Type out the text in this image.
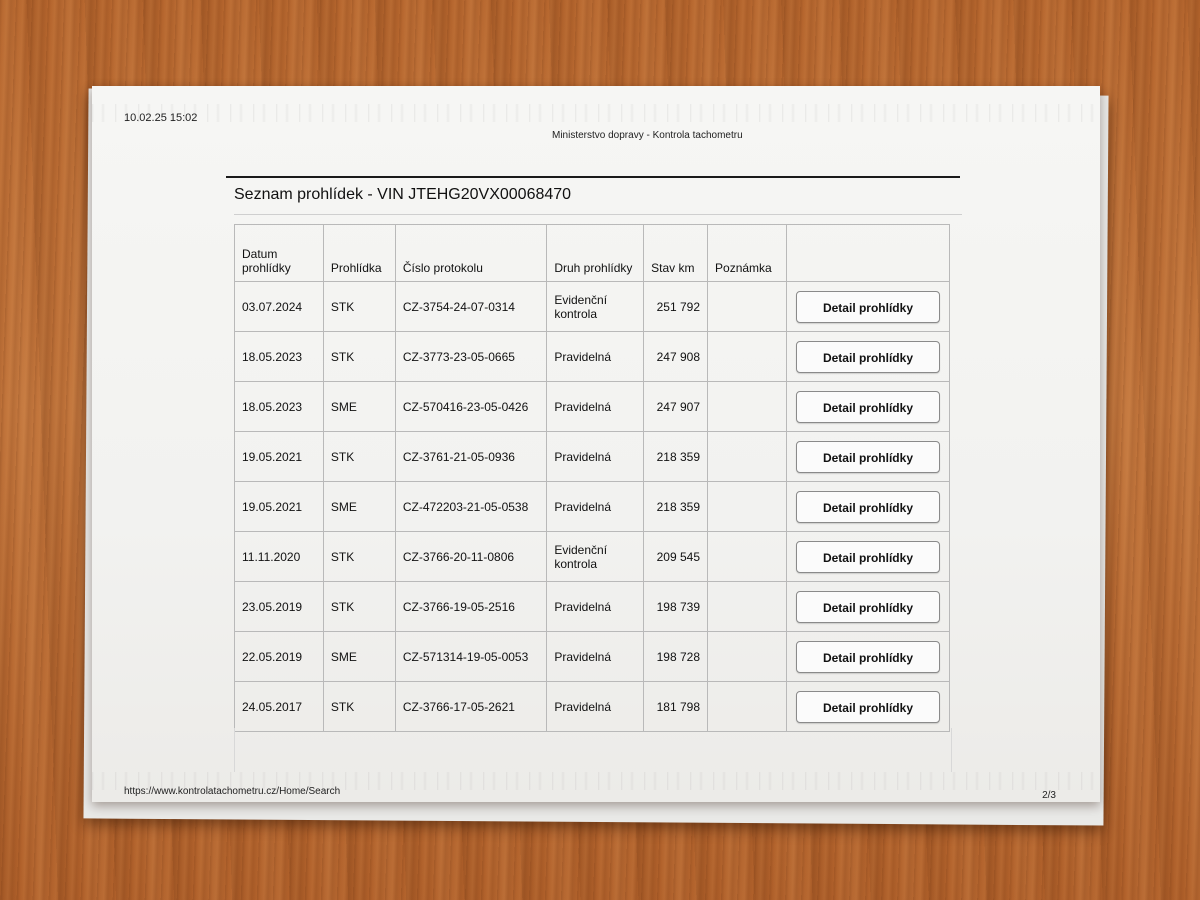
10.02.25 15:02
Ministerstvo dopravy - Kontrola tachometru
Seznam prohlídek - VIN JTEHG20VX00068470
Datum prohlídky	Prohlídka	Číslo protokolu	Druh prohlídky	Stav km	Poznámka	
03.07.2024	STK	CZ-3754-24-07-0314	Evidenční kontrola	251 792		Detail prohlídky
18.05.2023	STK	CZ-3773-23-05-0665	Pravidelná	247 908		Detail prohlídky
18.05.2023	SME	CZ-570416-23-05-0426	Pravidelná	247 907		Detail prohlídky
19.05.2021	STK	CZ-3761-21-05-0936	Pravidelná	218 359		Detail prohlídky
19.05.2021	SME	CZ-472203-21-05-0538	Pravidelná	218 359		Detail prohlídky
11.11.2020	STK	CZ-3766-20-11-0806	Evidenční kontrola	209 545		Detail prohlídky
23.05.2019	STK	CZ-3766-19-05-2516	Pravidelná	198 739		Detail prohlídky
22.05.2019	SME	CZ-571314-19-05-0053	Pravidelná	198 728		Detail prohlídky
24.05.2017	STK	CZ-3766-17-05-2621	Pravidelná	181 798		Detail prohlídky
https://www.kontrolatachometru.cz/Home/Search	2/3
